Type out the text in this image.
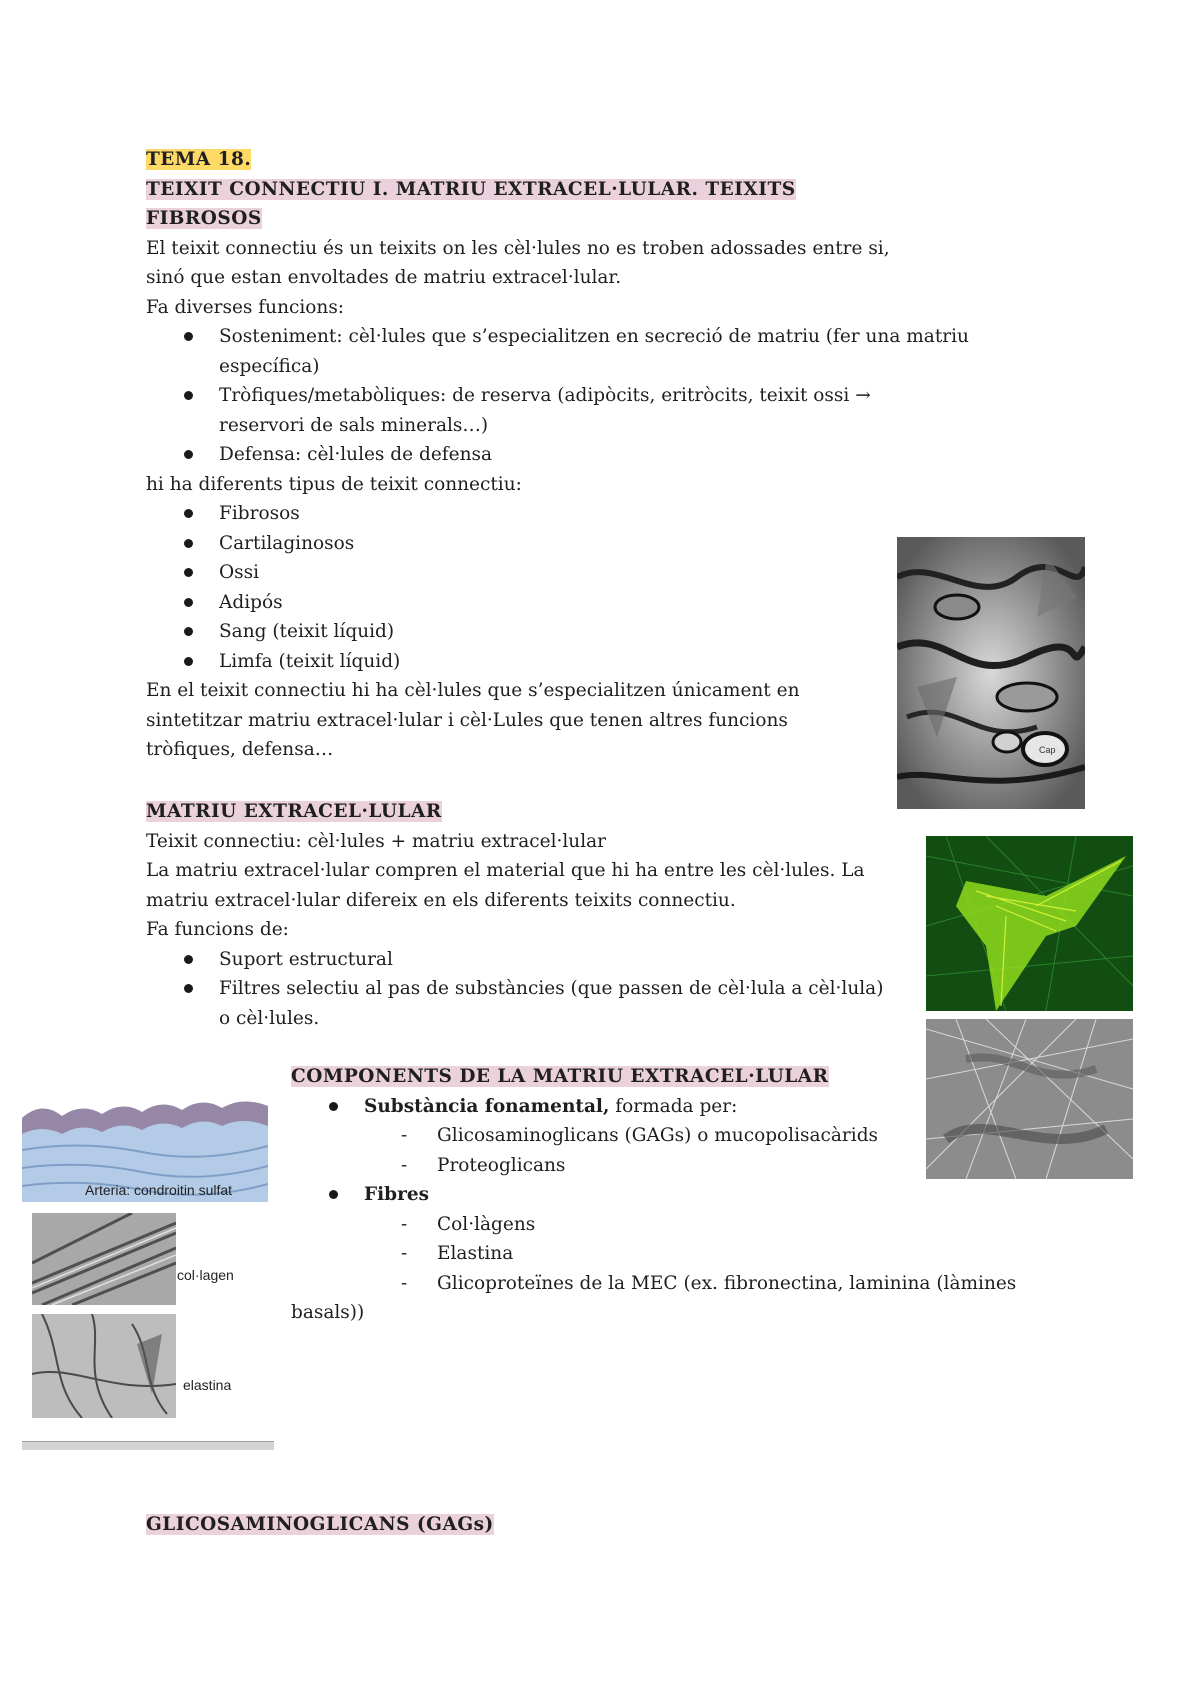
TEMA 18.
TEIXIT CONNECTIU I. MATRIU EXTRACEL·LULAR. TEIXITS FIBROSOS

El teixit connectiu és un teixits on les cèl·lules no es troben adossades entre si, sinó que estan envoltades de matriu extracel·lular.

Fa diverses funcions:

Sosteniment: cèl·lules que s’especialitzen en secreció de matriu (fer una matriu específica)
Tròfiques/metabòliques: de reserva (adipòcits, eritròcits, teixit ossi → reservori de sals minerals…)
Defensa: cèl·lules de defensa

hi ha diferents tipus de teixit connectiu:

Fibrosos
Cartilaginosos
Ossi
Adipós
Sang (teixit líquid)
Limfa (teixit líquid)

En el teixit connectiu hi ha cèl·lules que s’especialitzen únicament en sintetitzar matriu extracel·lular i cèl·Lules que tenen altres funcions tròfiques, defensa…	Cap
MATRIU EXTRACEL·LULAR

Teixit connectiu: cèl·lules + matriu extracel·lular

La matriu extracel·lular compren el material que hi ha entre les cèl·lules. La matriu extracel·lular difereix en els diferents teixits connectiu.

Fa funcions de:

Suport estructural
Filtres selectiu al pas de substàncies (que passen de cèl·lula a cèl·lula) o cèl·lules.
Arteria: condroitin sulfat
col·lagen
elastina
COMPONENTS DE LA MATRIU EXTRACEL·LULAR
Substància fonamental, formada per:
- Glicosaminoglicans (GAGs) o mucopolisacàrids
- Proteoglicans
Fibres
- Col·làgens
- Elastina
- Glicoproteïnes de la MEC (ex. fibronectina, laminina (làmines

basals))

GLICOSAMINOGLICANS (GAGs)
